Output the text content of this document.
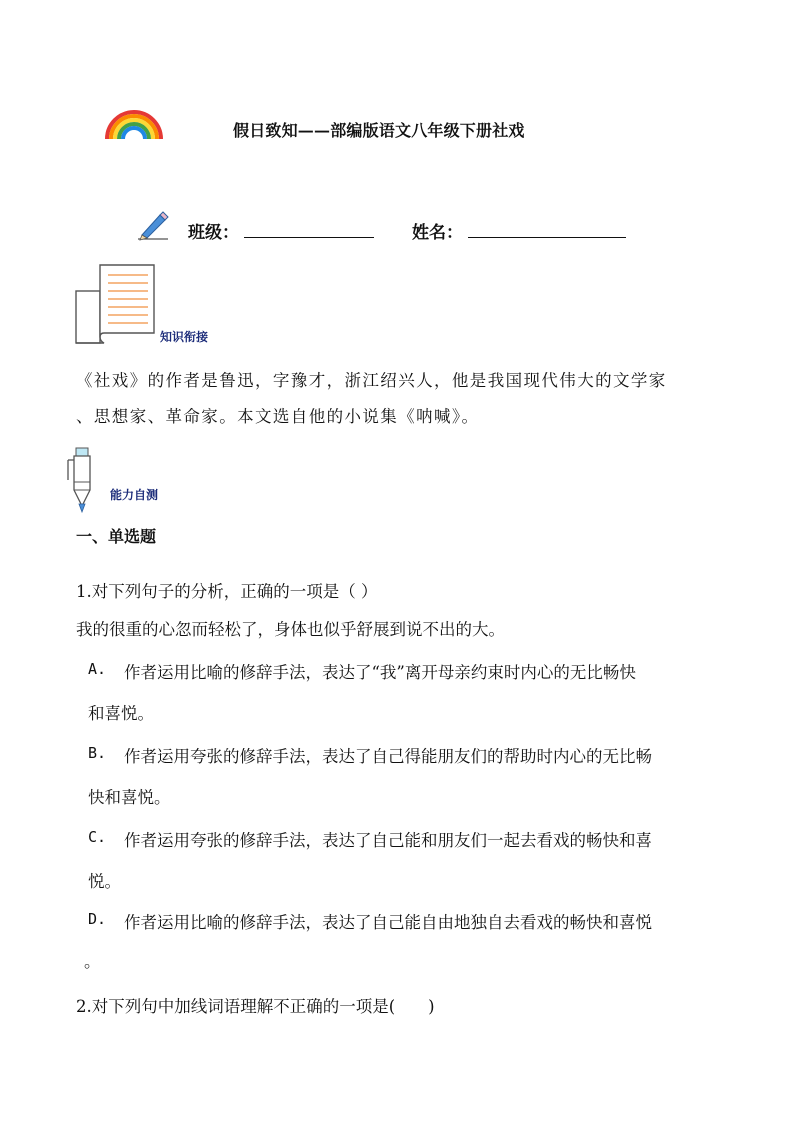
假日致知——部编版语文八年级下册社戏
班级：	姓名：
知识衔接
《社戏》的作者是鲁迅，字豫才，浙江绍兴人，他是我国现代伟大的文学家
、思想家、革命家。本文选自他的小说集《呐喊》。
能力自测
一、单选题
1.对下列句子的分析，正确的一项是（ ）
我的很重的心忽而轻松了，身体也似乎舒展到说不出的大。
A. 作者运用比喻的修辞手法，表达了“我”离开母亲约束时内心的无比畅快
和喜悦。
B. 作者运用夸张的修辞手法，表达了自己得能朋友们的帮助时内心的无比畅
快和喜悦。
C. 作者运用夸张的修辞手法，表达了自己能和朋友们一起去看戏的畅快和喜
悦。
D. 作者运用比喻的修辞手法，表达了自己能自由地独自去看戏的畅快和喜悦
。
2.对下列句中加线词语理解不正确的一项是(　　)
